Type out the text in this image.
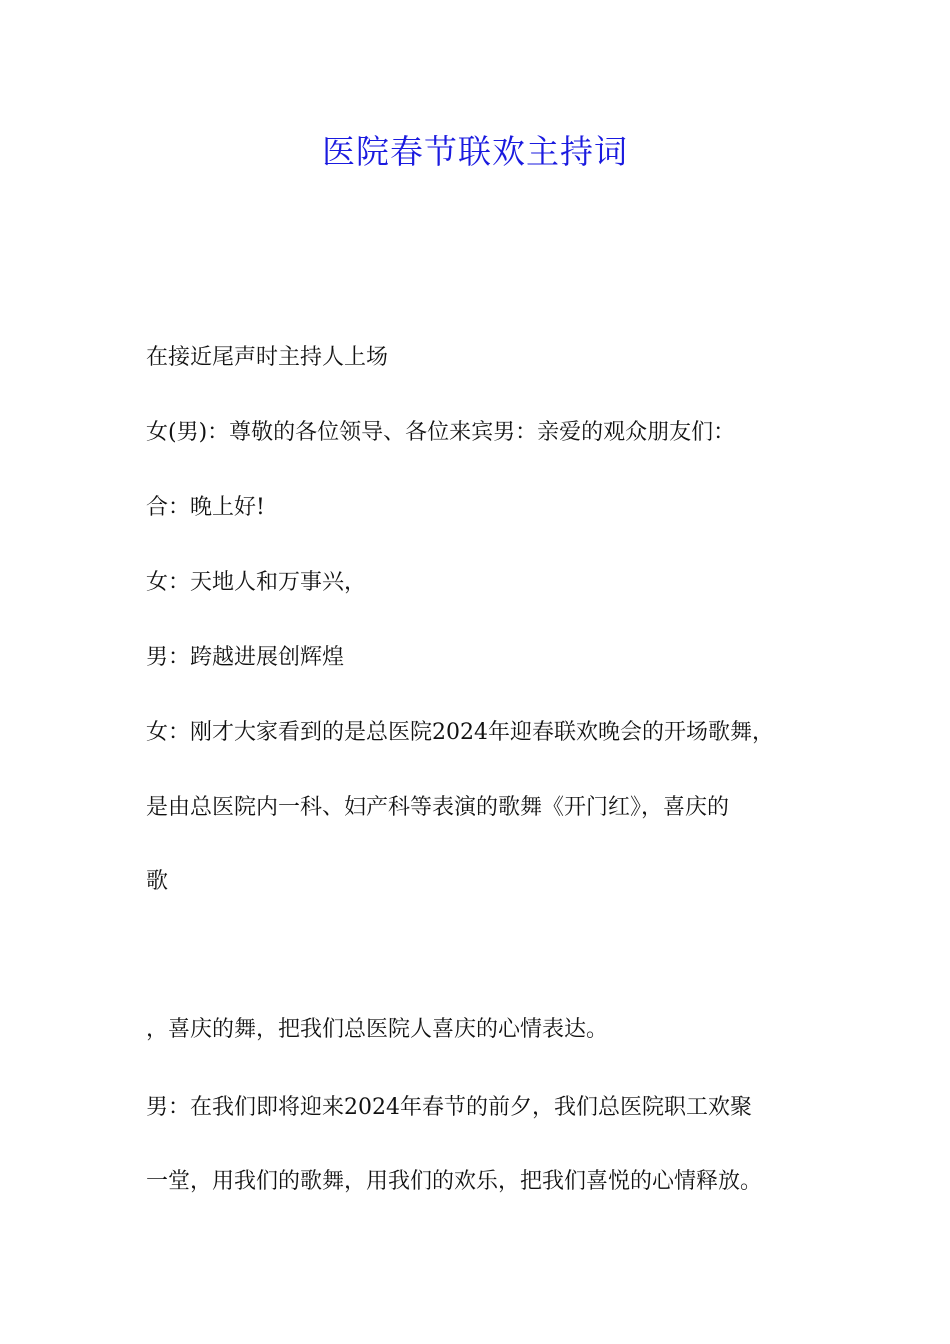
医院春节联欢主持词

在接近尾声时主持人上场

女(男)：尊敬的各位领导、各位来宾男：亲爱的观众朋友们：

合：晚上好!

女：天地人和万事兴，

男：跨越进展创辉煌

女：刚才大家看到的是总医院2024年迎春联欢晚会的开场歌舞，

是由总医院内一科、妇产科等表演的歌舞《开门红》，喜庆的

歌

，喜庆的舞，把我们总医院人喜庆的心情表达。

男：在我们即将迎来2024年春节的前夕，我们总医院职工欢聚

一堂，用我们的歌舞，用我们的欢乐，把我们喜悦的心情释放。
